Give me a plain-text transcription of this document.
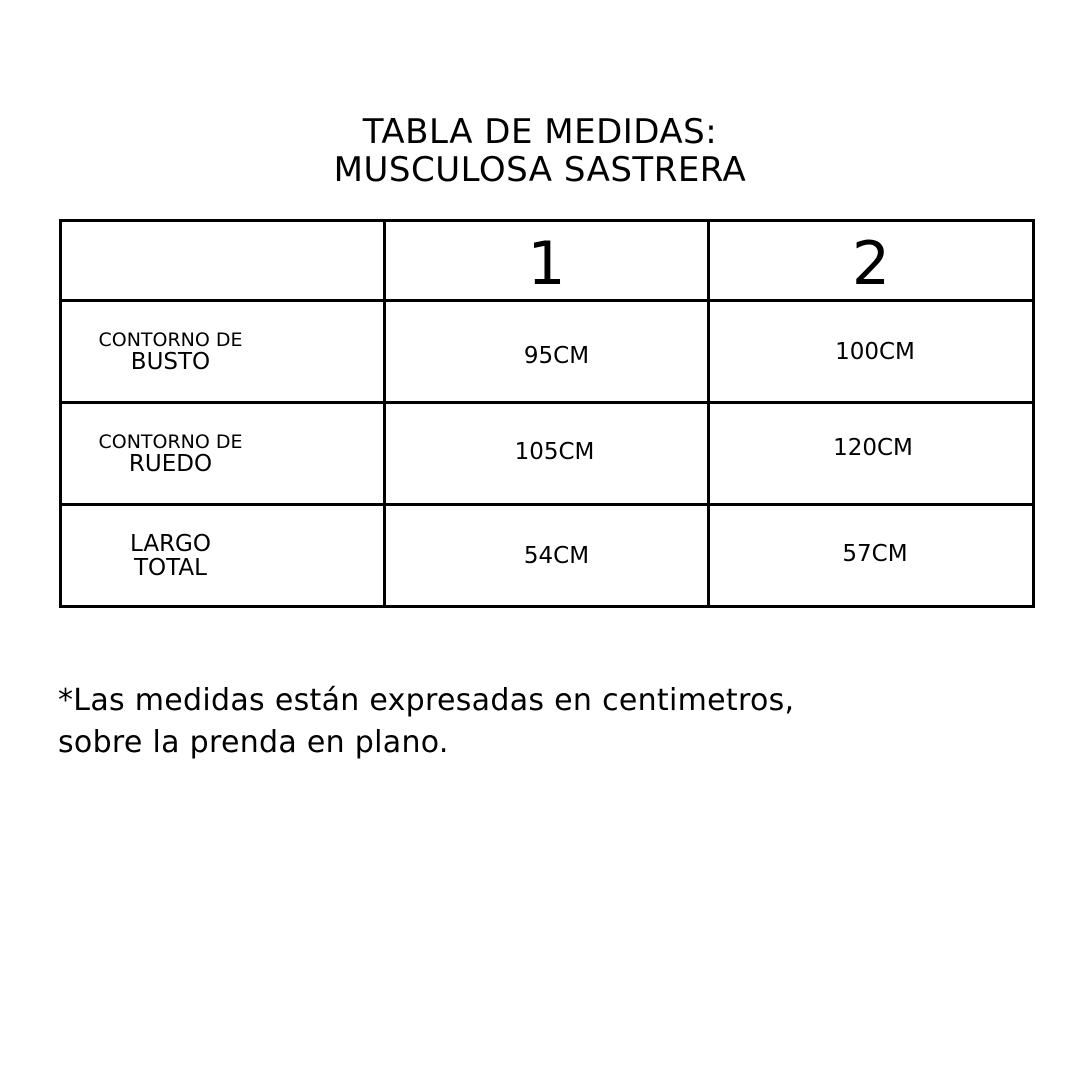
TABLA DE MEDIDAS:
MUSCULOSA SASTRERA
	1	2

CONTORNO DE
BUSTO	95CM	100CM

CONTORNO DE
RUEDO	105CM	120CM

LARGO
TOTAL	54CM	57CM
*Las medidas están expresadas en centimetros,
sobre la prenda en plano.
